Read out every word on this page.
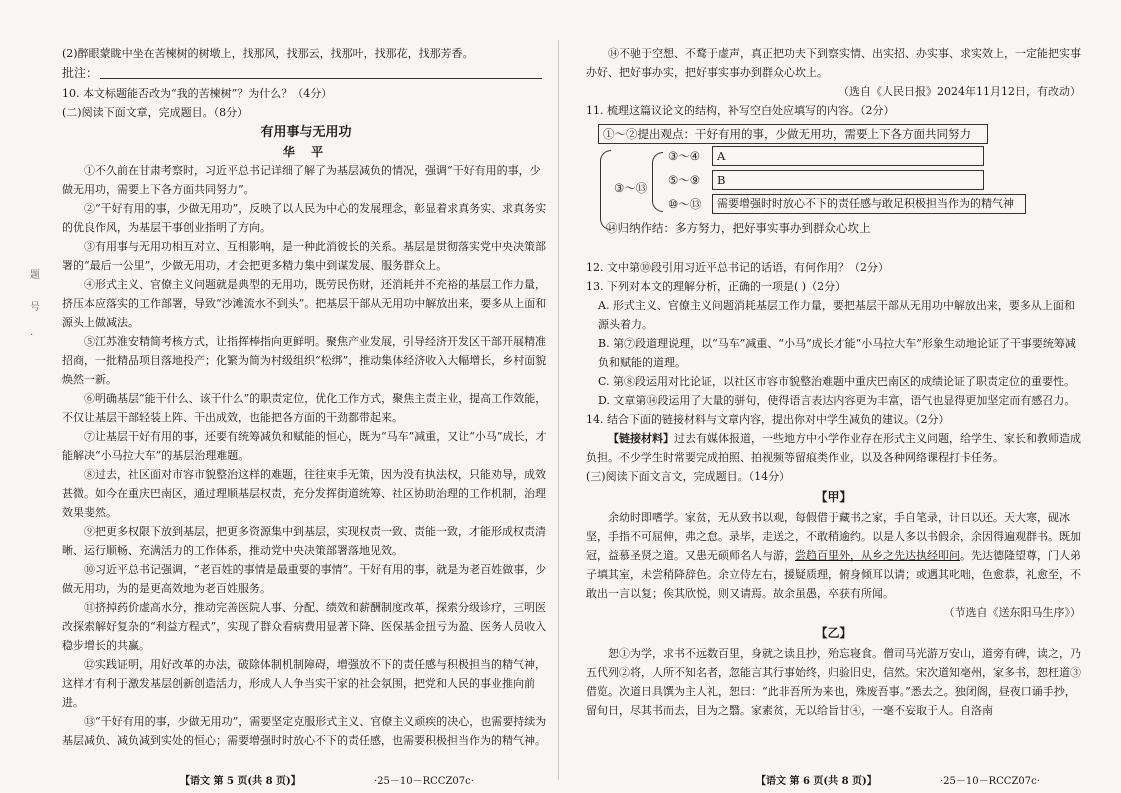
(2)醉眼蒙眬中坐在苦楝树的树墩上，找那风，找那云，找那叶，找那花，找那芳香。

批注：

10. 本文标题能否改为“我的苦楝树”？为什么？（4分）

(二)阅读下面文章，完成题目。（8分）

有用事与无用功
华 平

①不久前在甘肃考察时，习近平总书记详细了解了为基层减负的情况，强调“干好有用的事，少做无用功，需要上下各方面共同努力”。

②“干好有用的事，少做无用功”，反映了以人民为中心的发展理念，彰显着求真务实、求真务实的优良作风，为基层干事创业指明了方向。

③有用事与无用功相互对立、互相影响，是一种此消彼长的关系。基层是贯彻落实党中央决策部署的“最后一公里”，少做无用功，才会把更多精力集中到谋发展、服务群众上。

④形式主义、官僚主义问题就是典型的无用功，既劳民伤财，还消耗并不充裕的基层工作力量，挤压本应落实的工作部署，导致“沙滩流水不到头”。把基层干部从无用功中解放出来，要多从上面和源头上做减法。

⑤江苏淮安精简考核方式，让指挥棒指向更鲜明。聚焦产业发展，引导经济开发区干部开展精准招商，一批精品项目落地投产；化繁为简为村级组织“松绑”，推动集体经济收入大幅增长，乡村面貌焕然一新。

⑥明确基层“能干什么、该干什么”的职责定位，优化工作方式，聚焦主责主业，提高工作效能，不仅让基层干部轻装上阵、干出成效，也能把各方面的干劲都带起来。

⑦让基层干好有用的事，还要有统筹减负和赋能的恒心，既为“马车”减重，又让“小马”成长，才能解决“小马拉大车”的基层治理难题。

⑧过去，社区面对市容市貌整治这样的难题，往往束手无策，因为没有执法权，只能劝导，成效甚微。如今在重庆巴南区，通过理顺基层权责，充分发挥街道统筹、社区协助治理的工作机制，治理效果斐然。

⑨把更多权限下放到基层，把更多资源集中到基层，实现权责一致、责能一致，才能形成权责清晰、运行顺畅、充满活力的工作体系，推动党中央决策部署落地见效。

⑩习近平总书记强调，“老百姓的事情是最重要的事情”。干好有用的事，就是为老百姓做事，少做无用功，为的是更高效地为老百姓服务。

⑪挤掉药价虚高水分，推动完善医院人事、分配、绩效和薪酬制度改革，探索分级诊疗，三明医改探索解好复杂的“利益方程式”，实现了群众看病费用显著下降、医保基金扭亏为盈、医务人员收入稳步增长的共赢。

⑫实践证明，用好改革的办法，破除体制机制障碍，增强放不下的责任感与积极担当的精气神，这样才有利于激发基层创新创造活力，形成人人争当实干家的社会氛围，把党和人民的事业推向前进。

⑬“干好有用的事，少做无用功”，需要坚定克服形式主义、官僚主义顽疾的决心，也需要持续为基层减负、减负减到实处的恒心；需要增强时时放心不下的责任感，也需要积极担当作为的精气神。

【语文 第 5 页(共 8 页)】	·25－10－RCCZ07c·
题
号
·

⑭不驰于空想、不鹜于虚声，真正把功夫下到察实情、出实招、办实事、求实效上，一定能把实事办好、把好事办实，把好事实事办到群众心坎上。

（选自《人民日报》2024年11月12日，有改动）

11. 梳理这篇议论文的结构，补写空白处应填写的内容。（2分）

①～②提出观点：干好有用的事，少做无用功，需要上下各方面共同努力
③～⑬
③～④	A
⑤～⑨	B
⑩～⑬	需要增强时时放心不下的责任感与敢足积极担当作为的精气神
⑭归纳作结：多方努力，把好事实事办到群众心坎上

12. 文中第⑩段引用习近平总书记的话语，有何作用？（2分）

13. 下列对本文的理解分析，正确的一项是( )（2分）

A. 形式主义、官僚主义问题消耗基层工作力量，要把基层干部从无用功中解放出来，要多从上面和源头着力。

B. 第⑦段道理说理，以“马车”减重、“小马”成长才能“小马拉大车”形象生动地论证了干事要统筹减负和赋能的道理。

C. 第⑧段运用对比论证，以社区市容市貌整治难题中重庆巴南区的成绩论证了职责定位的重要性。

D. 文章第⑭段运用了大量的骈句，使得语言表达内容更为丰富，语气也显得更加坚定而有感召力。

14. 结合下面的链接材料与文章内容，提出你对中学生减负的建议。（2分）

【链接材料】过去有媒体报道，一些地方中小学作业存在形式主义问题，给学生、家长和教师造成负担。不少学生时常要完成拍照、拍视频等留痕类作业，以及各种网络课程打卡任务。

(三)阅读下面文言文，完成题目。（14分）

【甲】

余幼时即嗜学。家贫，无从致书以观，每假借于藏书之家，手自笔录，计日以还。天大寒，砚冰坚，手指不可屈伸，弗之怠。录毕，走送之，不敢稍逾约。以是人多以书假余，余因得遍观群书。既加冠，益慕圣贤之道。又患无硕师名人与游，尝趋百里外，从乡之先达执经叩问。先达德隆望尊，门人弟子填其室，未尝稍降辞色。余立侍左右，援疑质理，俯身倾耳以请；或遇其叱咄，色愈恭，礼愈至，不敢出一言以复；俟其欣悦，则又请焉。故余虽愚，卒获有所闻。

（节选自《送东阳马生序》）

【乙】

恕①为学，求书不远数百里，身就之读且抄，殆忘寝食。僧司马光游万安山，道旁有碑，读之，乃五代列②将，人所不知名者，忽能言其行事始终，归验旧史，信然。宋次道知亳州，家多书，恕枉道③借览。次道日具馔为主人礼，恕曰：“此非吾所为来也，殊废吾事。”悉去之。独闭阁，昼夜口诵手抄，留旬日，尽其书而去，目为之翳。家素贫，无以给旨甘④，一毫不妄取于人。自洛南

【语文 第 6 页(共 8 页)】	·25－10－RCCZ07c·
